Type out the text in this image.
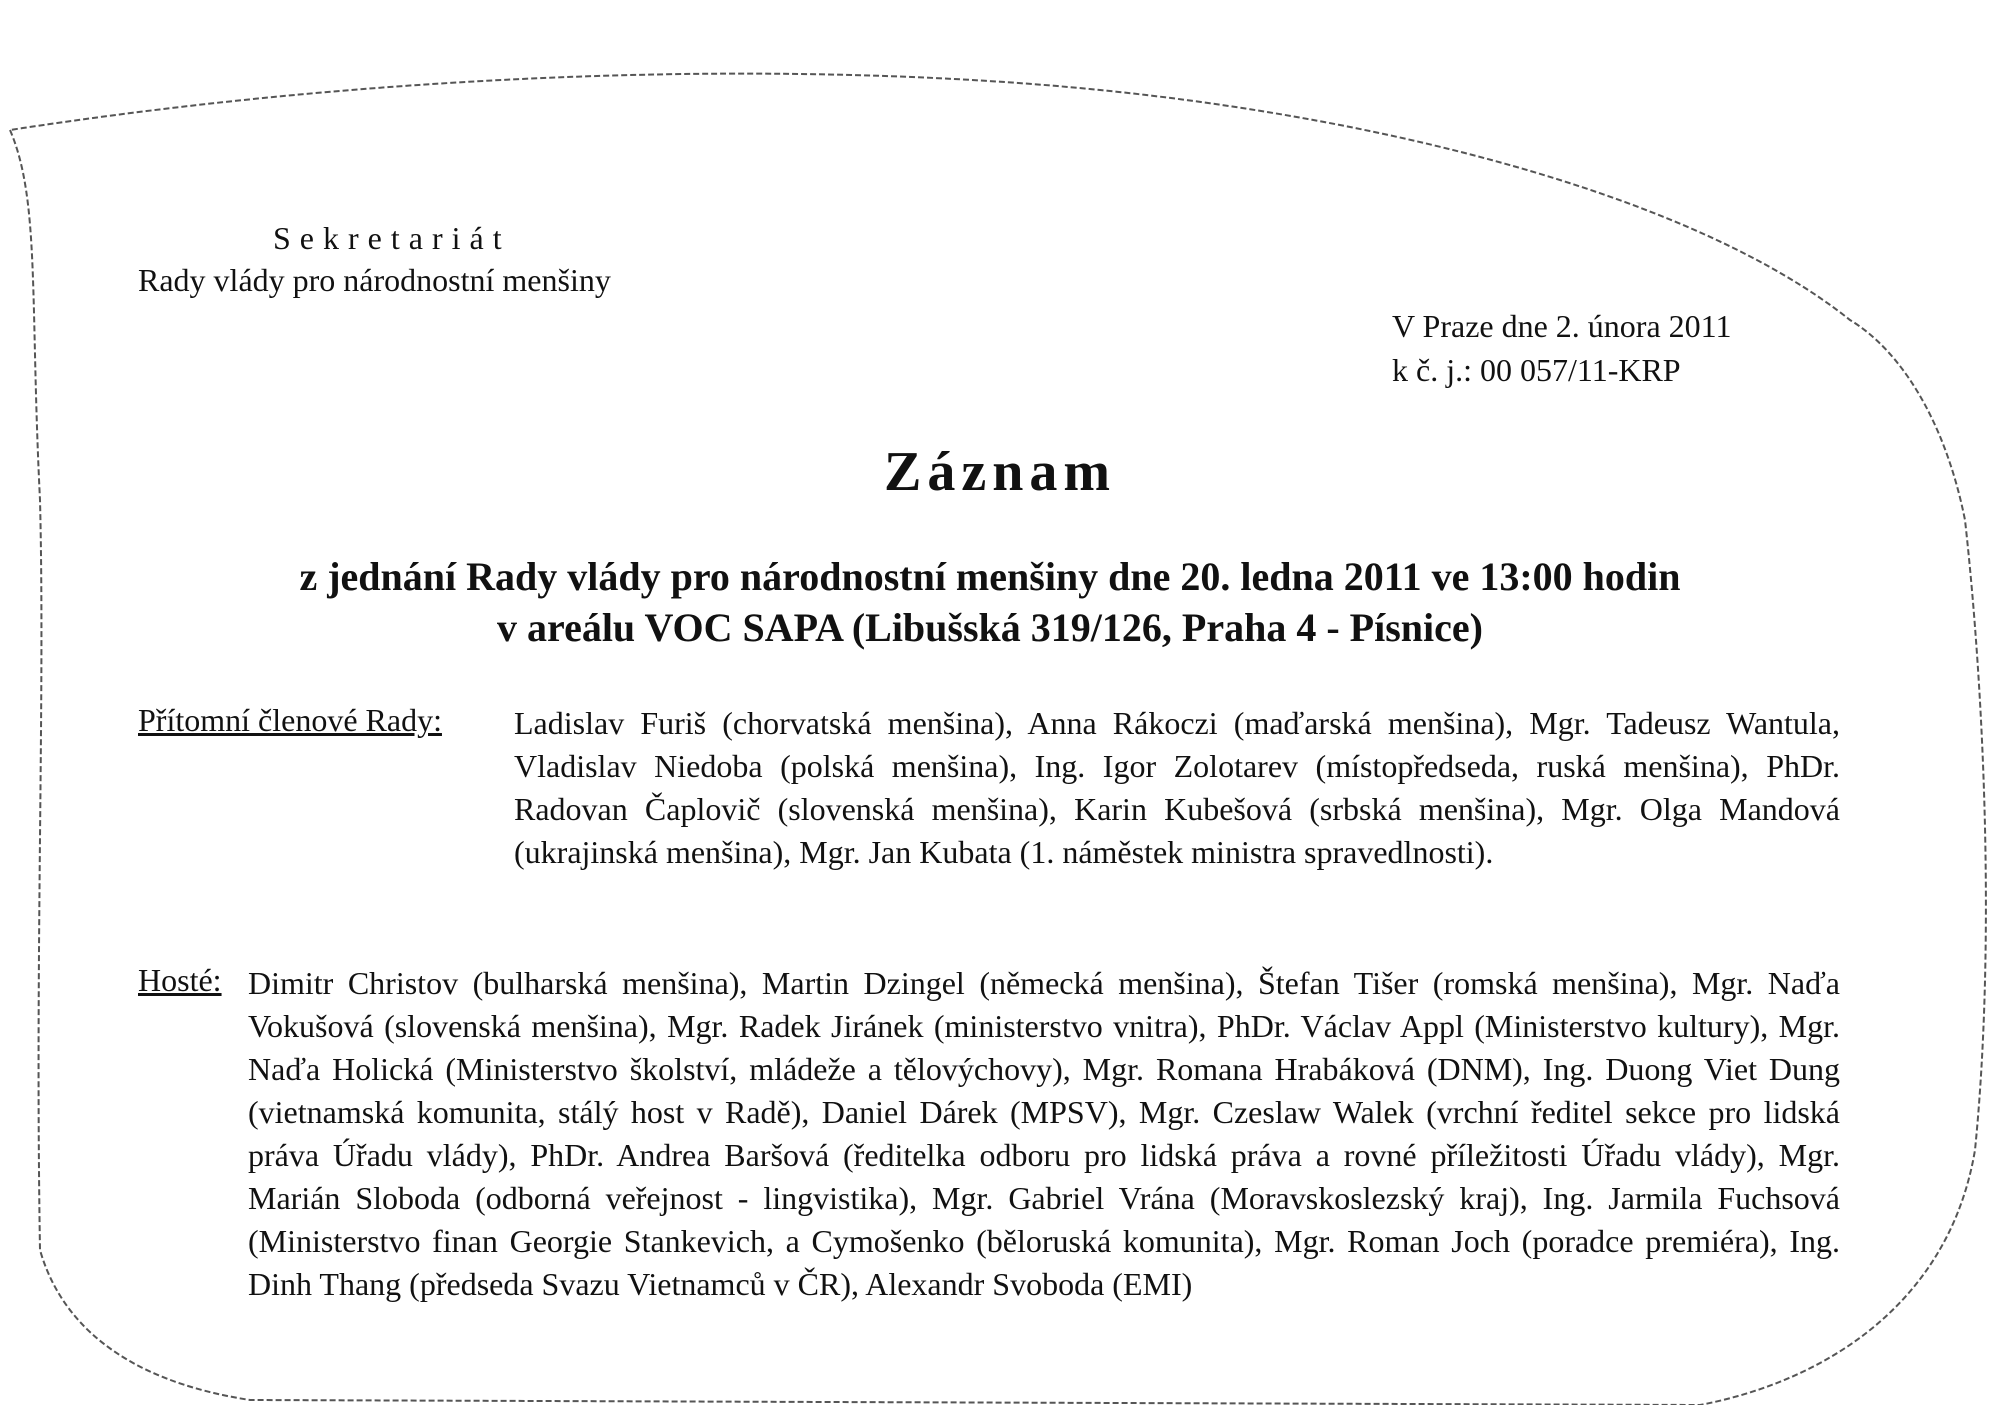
Sekretariát
Rady vlády pro národnostní menšiny
V Praze dne 2. února 2011
k č. j.: 00 057/11-KRP
Záznam
z jednání Rady vlády pro národnostní menšiny dne 20. ledna 2011 ve 13:00 hodin
v areálu VOC SAPA (Libušská 319/126, Praha 4 - Písnice)
Přítomní členové Rady: Ladislav Furiš (chorvatská menšina), Anna Rákoczi (maďarská menšina), Mgr. Tadeusz Wantula, Vladislav Niedoba (polská menšina), Ing. Igor Zolotarev (místopředseda, ruská menšina), PhDr. Radovan Čaplovič (slovenská menšina), Karin Kubešová (srbská menšina), Mgr. Olga Mandová (ukrajinská menšina), Mgr. Jan Kubata (1. náměstek ministra spravedlnosti).
Hosté: Dimitr Christov (bulharská menšina), Martin Dzingel (německá menšina), Štefan Tišer (romská menšina), Mgr. Naďa Vokušová (slovenská menšina), Mgr. Radek Jiránek (ministerstvo vnitra), PhDr. Václav Appl (Ministerstvo kultury), Mgr. Naďa Holická (Ministerstvo školství, mládeže a tělovýchovy), Mgr. Romana Hrabáková (DNM), Ing. Duong Viet Dung (vietnamská komunita, stálý host v Radě), Daniel Dárek (MPSV), Mgr. Czeslaw Walek (vrchní ředitel sekce pro lidská práva Úřadu vlády), PhDr. Andrea Baršová (ředitelka odboru pro lidská práva a rovné příležitosti Úřadu vlády), Mgr. Marián Sloboda (odborná veřejnost - lingvistika), Mgr. Gabriel Vrána (Moravskoslezský kraj), Ing. Jarmila Fuchsová (Ministerstvo finan Georgie Stankevich, a Cymošenko (běloruská komunita), Mgr. Roman Joch (poradce premiéra), Ing. Dinh Thang (předseda Svazu Vietnamců v ČR), Alexandr Svoboda (EMI)
